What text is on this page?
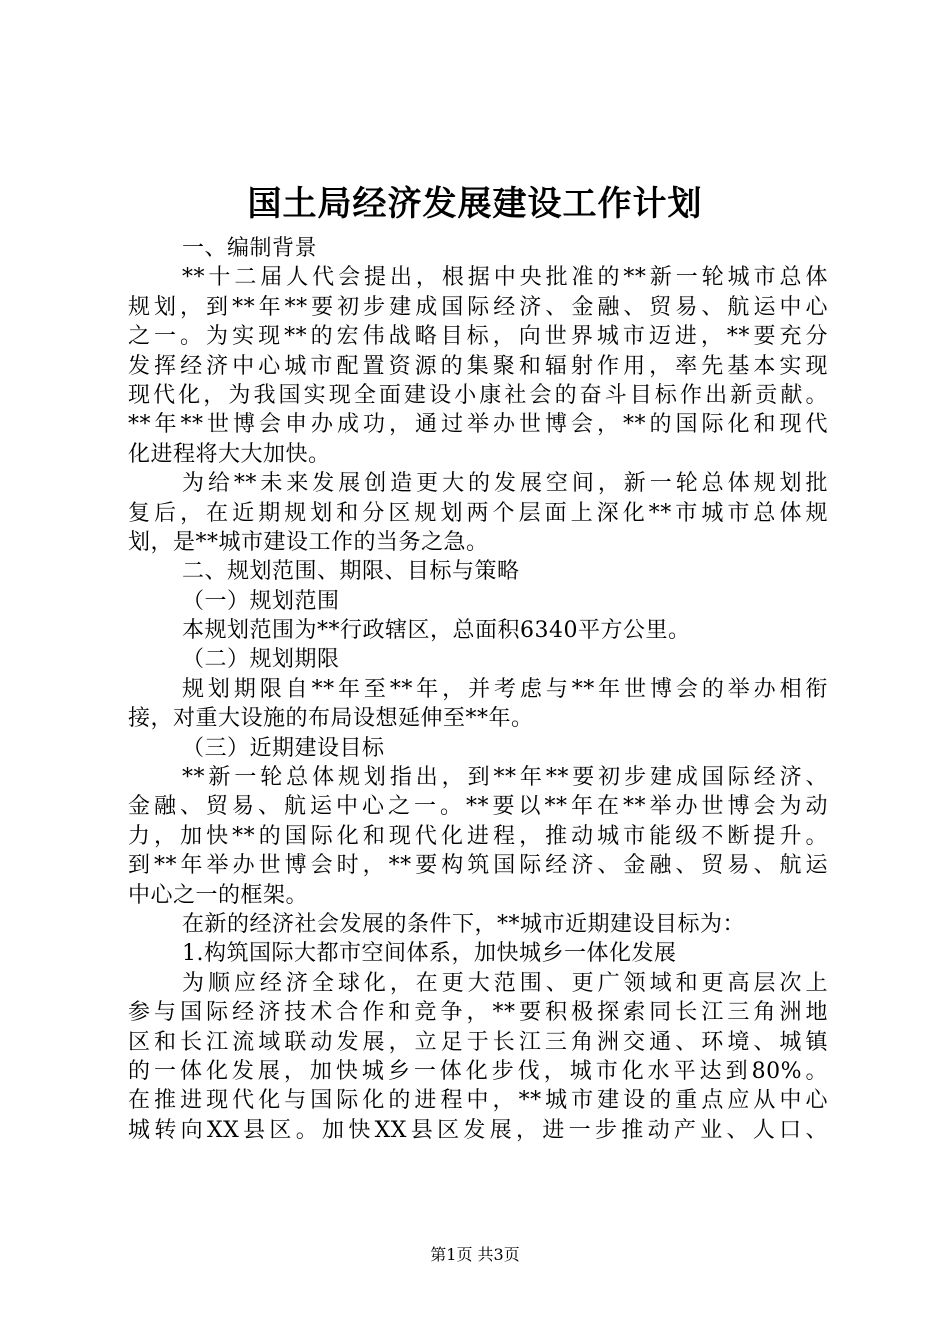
国土局经济发展建设工作计划
一、编制背景
**十二届人代会提出，根据中央批准的**新一轮城市总体
规划，到**年**要初步建成国际经济、金融、贸易、航运中心
之一。为实现**的宏伟战略目标，向世界城市迈进，**要充分
发挥经济中心城市配置资源的集聚和辐射作用，率先基本实现
现代化，为我国实现全面建设小康社会的奋斗目标作出新贡献。
**年**世博会申办成功，通过举办世博会，**的国际化和现代
化进程将大大加快。
为给**未来发展创造更大的发展空间，新一轮总体规划批
复后，在近期规划和分区规划两个层面上深化**市城市总体规
划，是**城市建设工作的当务之急。
二、规划范围、期限、目标与策略
（一）规划范围
本规划范围为**行政辖区，总面积6340平方公里。
（二）规划期限
规划期限自**年至**年，并考虑与**年世博会的举办相衔
接，对重大设施的布局设想延伸至**年。
（三）近期建设目标
**新一轮总体规划指出，到**年**要初步建成国际经济、
金融、贸易、航运中心之一。**要以**年在**举办世博会为动
力，加快**的国际化和现代化进程，推动城市能级不断提升。
到**年举办世博会时，**要构筑国际经济、金融、贸易、航运
中心之一的框架。
在新的经济社会发展的条件下，**城市近期建设目标为：
1.构筑国际大都市空间体系，加快城乡一体化发展
为顺应经济全球化，在更大范围、更广领域和更高层次上
参与国际经济技术合作和竞争，**要积极探索同长江三角洲地
区和长江流域联动发展，立足于长江三角洲交通、环境、城镇
的一体化发展，加快城乡一体化步伐，城市化水平达到80%。
在推进现代化与国际化的进程中，**城市建设的重点应从中心
城转向XX县区。加快XX县区发展，进一步推动产业、人口、
第1页 共3页
